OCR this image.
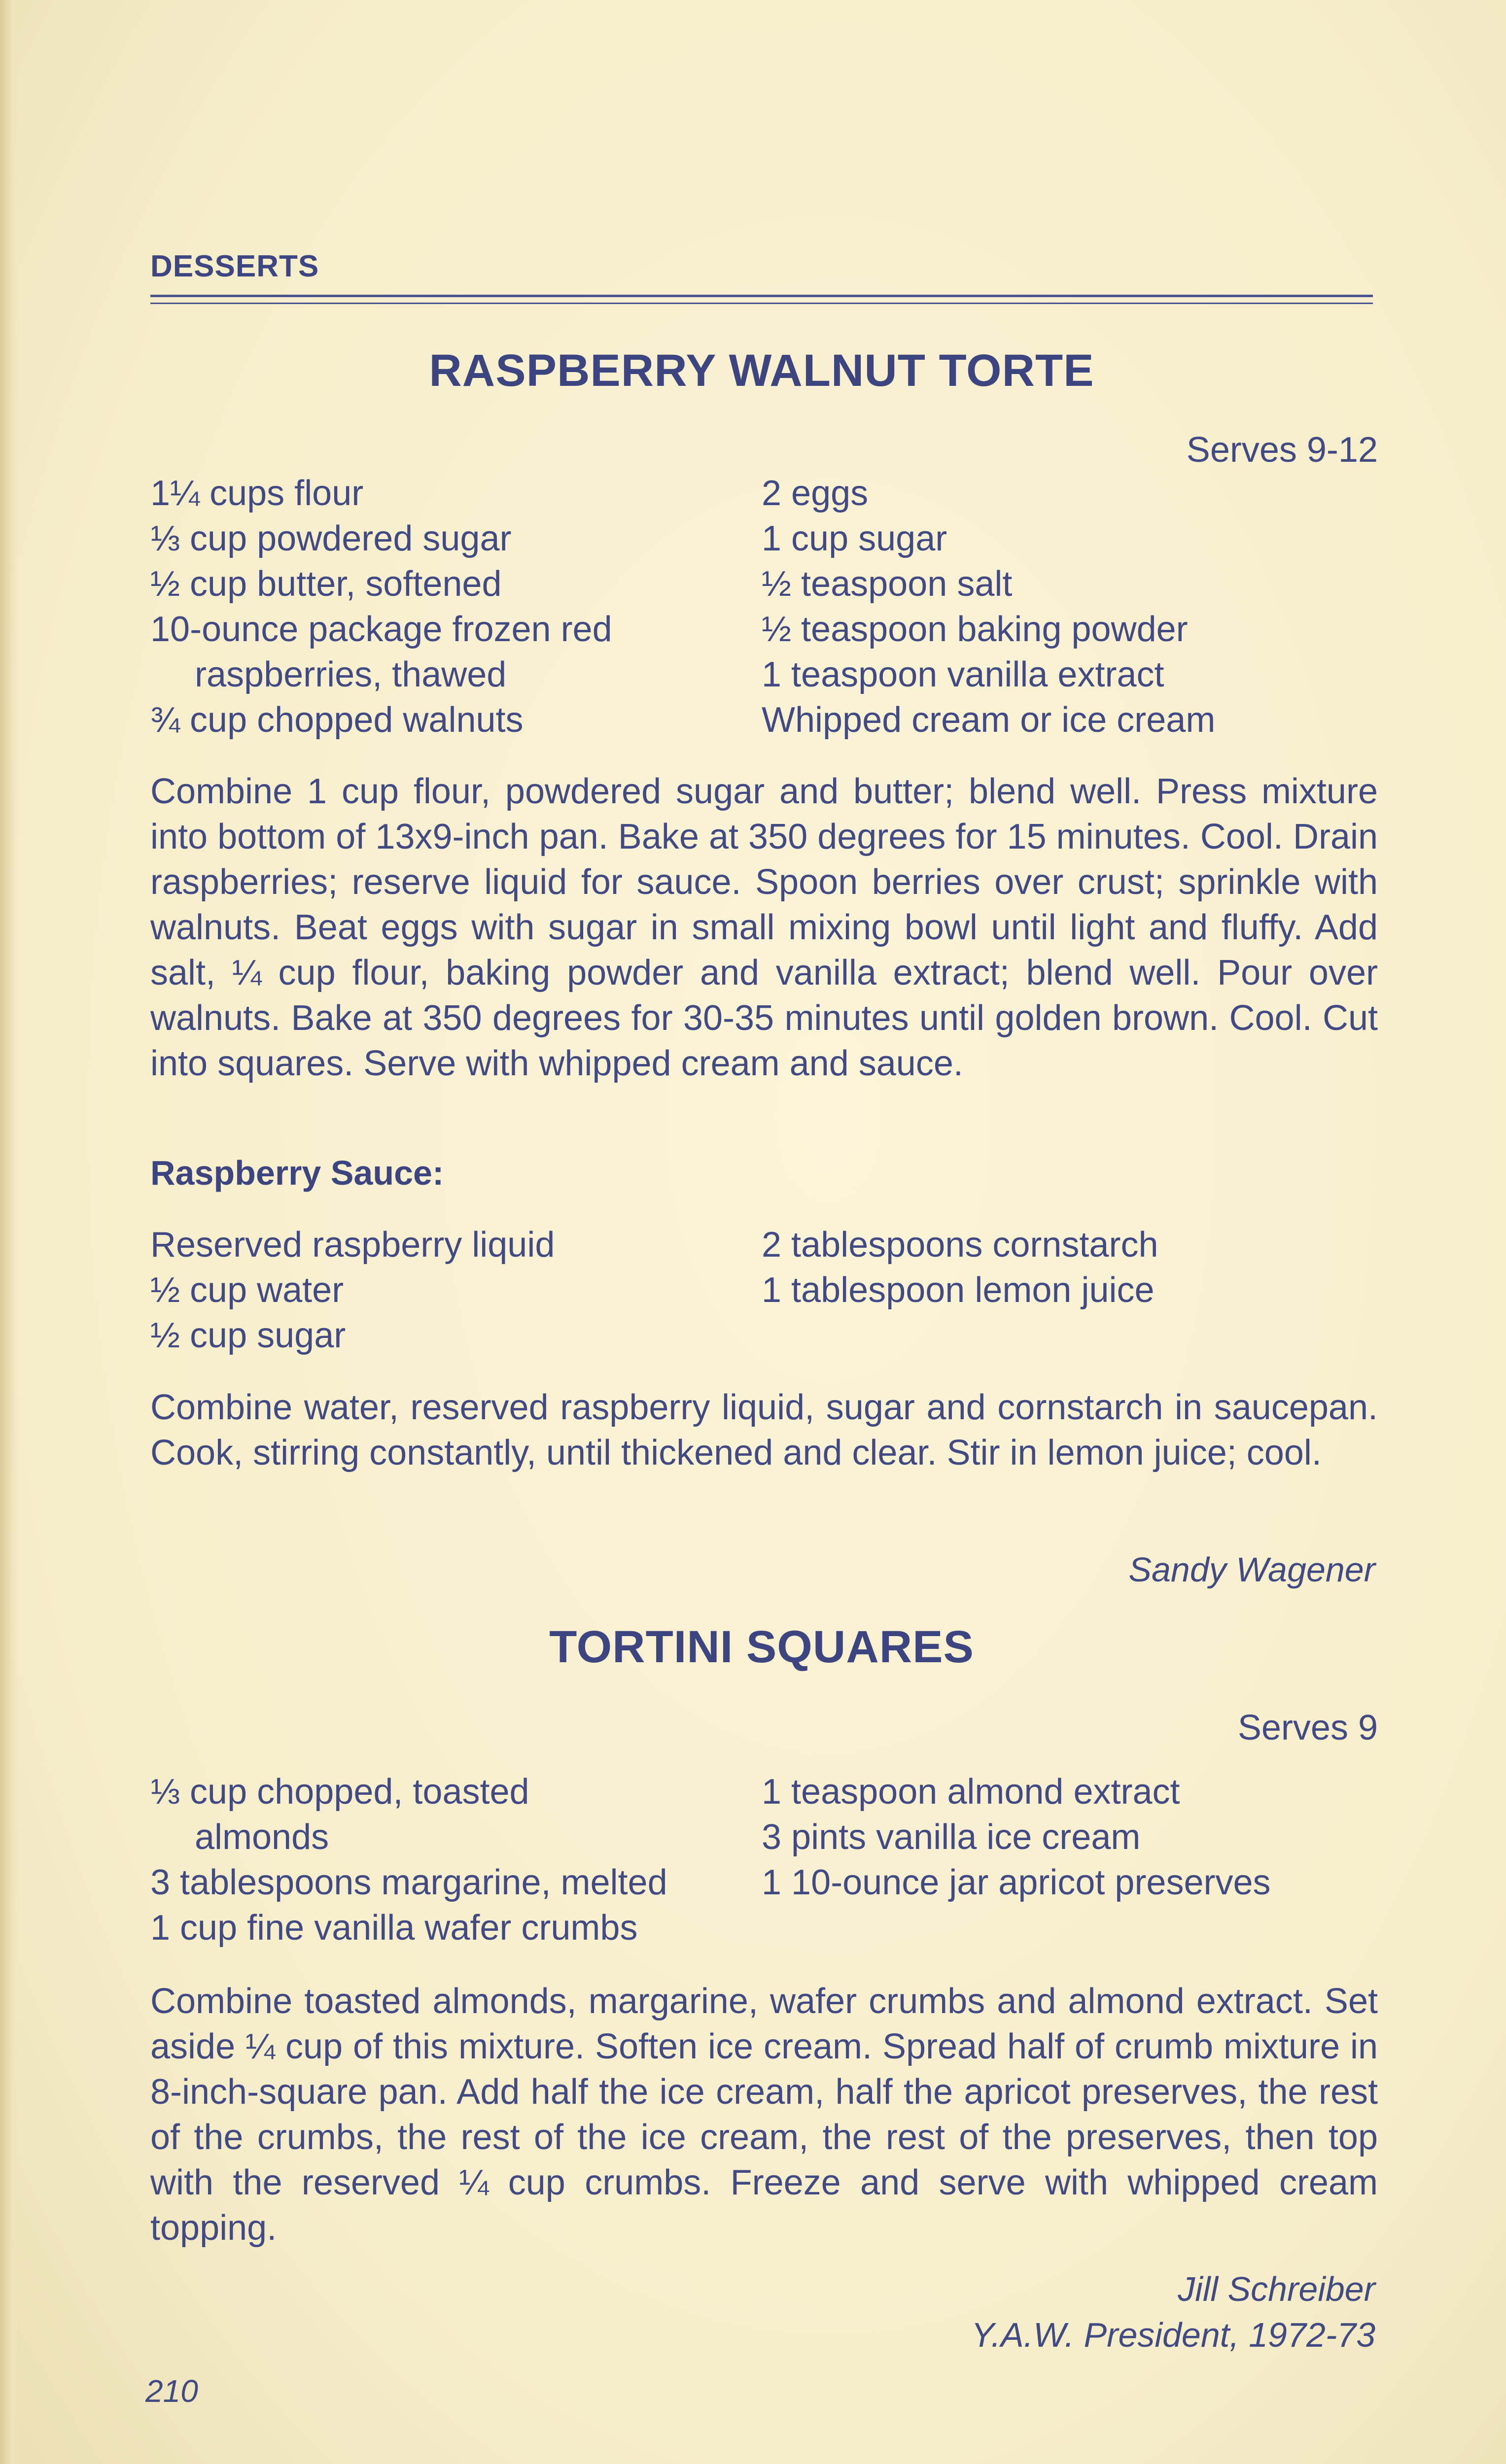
DESSERTS
RASPBERRY WALNUT TORTE
Serves 9-12
1¼ cups flour
⅓ cup powdered sugar
½ cup butter, softened
10-ounce package frozen red
raspberries, thawed
¾ cup chopped walnuts
2 eggs
1 cup sugar
½ teaspoon salt
½ teaspoon baking powder
1 teaspoon vanilla extract
Whipped cream or ice cream

Combine 1 cup flour, powdered sugar and butter; blend well. Press mixture into bottom of 13x9-inch pan. Bake at 350 degrees for 15 minutes. Cool. Drain raspberries; reserve liquid for sauce. Spoon berries over crust; sprinkle with walnuts. Beat eggs with sugar in small mixing bowl until light and fluffy. Add salt, ¼ cup flour, baking powder and vanilla extract; blend well. Pour over walnuts. Bake at 350 degrees for 30-35 minutes until golden brown. Cool. Cut into squares. Serve with whipped cream and sauce.

Raspberry Sauce:
Reserved raspberry liquid
½ cup water
½ cup sugar
2 tablespoons cornstarch
1 tablespoon lemon juice

Combine water, reserved raspberry liquid, sugar and cornstarch in saucepan. Cook, stirring constantly, until thickened and clear. Stir in lemon juice; cool.

Sandy Wagener
TORTINI SQUARES
Serves 9
⅓ cup chopped, toasted
almonds
3 tablespoons margarine, melted
1 cup fine vanilla wafer crumbs
1 teaspoon almond extract
3 pints vanilla ice cream
1 10-ounce jar apricot preserves

Combine toasted almonds, margarine, wafer crumbs and almond extract. Set aside ¼ cup of this mixture. Soften ice cream. Spread half of crumb mixture in 8-inch-square pan. Add half the ice cream, half the apricot preserves, the rest of the crumbs, the rest of the ice cream, the rest of the preserves, then top with the reserved ¼ cup crumbs. Freeze and serve with whipped cream topping.

Jill Schreiber
Y.A.W. President, 1972-73
210
